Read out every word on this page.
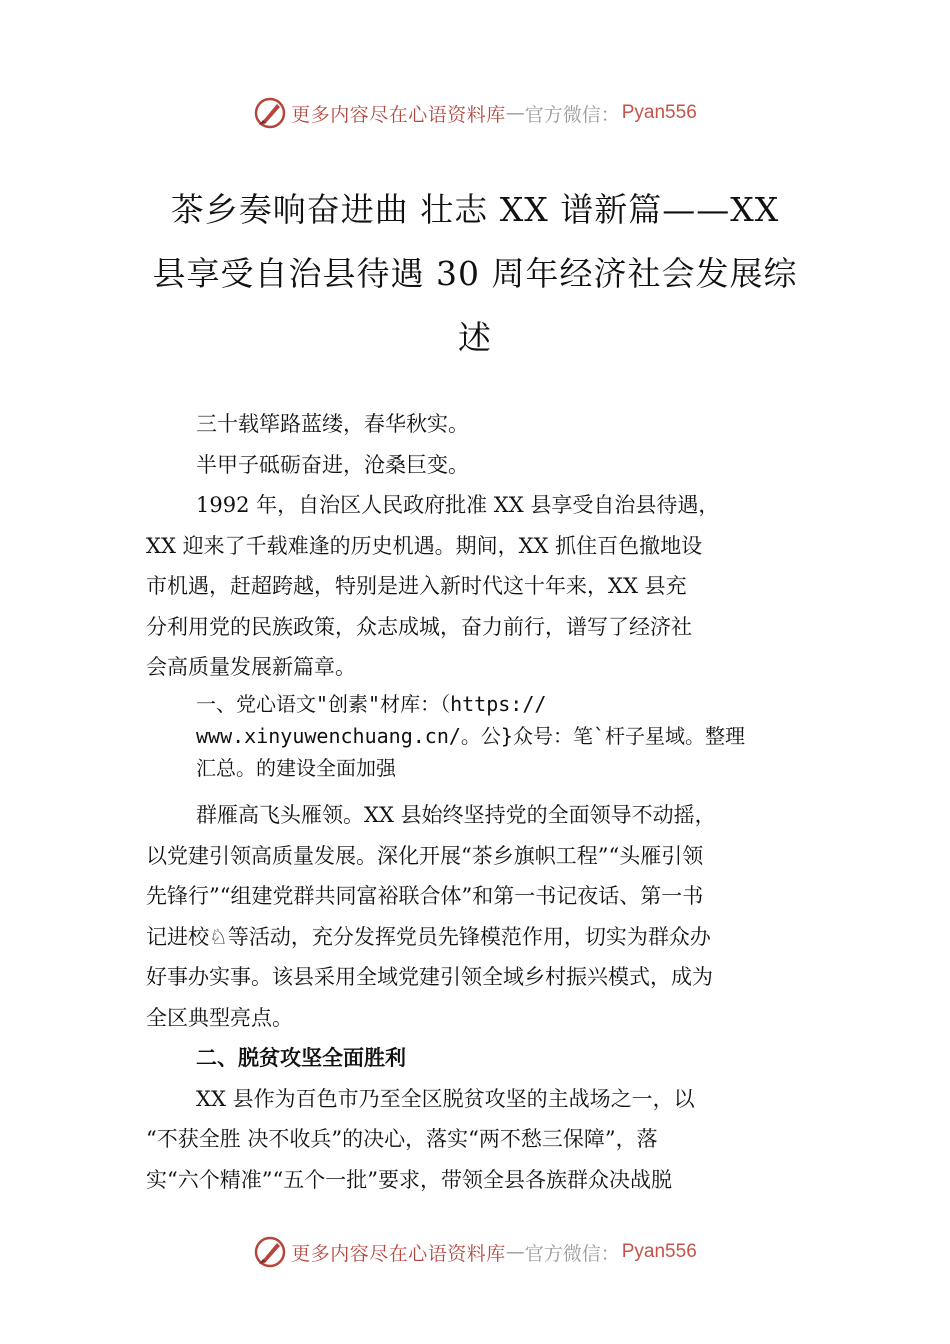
更多内容尽在心语资料库 — 官方微信： Pyan556
茶乡奏响奋进曲 壮志 XX 谱新篇——XX
县享受自治县待遇 30 周年经济社会发展综
述
三十载筚路蓝缕，春华秋实。
半甲子砥砺奋进，沧桑巨变。
1992 年，自治区人民政府批准 XX 县享受自治县待遇，
XX 迎来了千载难逢的历史机遇。期间，XX 抓住百色撤地设
市机遇，赶超跨越，特别是进入新时代这十年来，XX 县充
分利用党的民族政策，众志成城，奋力前行，谱写了经济社
会高质量发展新篇章。
一、党心语文"创素"材库：（https://
www.xinyuwenchuang.cn/。公}众号：笔`杆子星域。整理
汇总。的建设全面加强
群雁高飞头雁领。XX 县始终坚持党的全面领导不动摇，
以党建引领高质量发展。深化开展“茶乡旗帜工程”“头雁引领
先锋行”“组建党群共同富裕联合体”和第一书记夜话、第一书
记进校♘等活动，充分发挥党员先锋模范作用，切实为群众办
好事办实事。该县采用全域党建引领全域乡村振兴模式，成为
全区典型亮点。
二、脱贫攻坚全面胜利
XX 县作为百色市乃至全区脱贫攻坚的主战场之一，以
“不获全胜 决不收兵”的决心，落实“两不愁三保障”，落
实“六个精准”“五个一批”要求，带领全县各族群众决战脱
更多内容尽在心语资料库 — 官方微信： Pyan556
